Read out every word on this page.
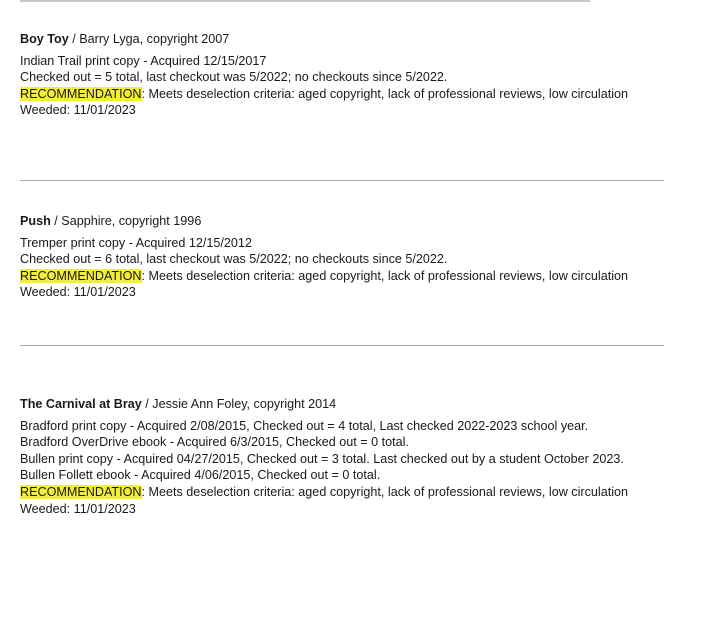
Boy Toy / Barry Lyga, copyright 2007

Indian Trail print copy - Acquired 12/15/2017

Checked out = 5 total, last checkout was 5/2022; no checkouts since 5/2022.

RECOMMENDATION: Meets deselection criteria: aged copyright, lack of professional reviews, low circulation

Weeded: 11/01/2023

Push / Sapphire, copyright 1996

Tremper print copy - Acquired 12/15/2012

Checked out = 6 total, last checkout was 5/2022; no checkouts since 5/2022.

RECOMMENDATION: Meets deselection criteria: aged copyright, lack of professional reviews, low circulation

Weeded: 11/01/2023

The Carnival at Bray / Jessie Ann Foley, copyright 2014

Bradford print copy - Acquired 2/08/2015, Checked out = 4 total, Last checked 2022-2023 school year.

Bradford OverDrive ebook - Acquired 6/3/2015, Checked out = 0 total.

Bullen print copy - Acquired 04/27/2015, Checked out = 3 total. Last checked out by a student October 2023.

Bullen Follett ebook - Acquired 4/06/2015, Checked out = 0 total.

RECOMMENDATION: Meets deselection criteria: aged copyright, lack of professional reviews, low circulation

Weeded: 11/01/2023
